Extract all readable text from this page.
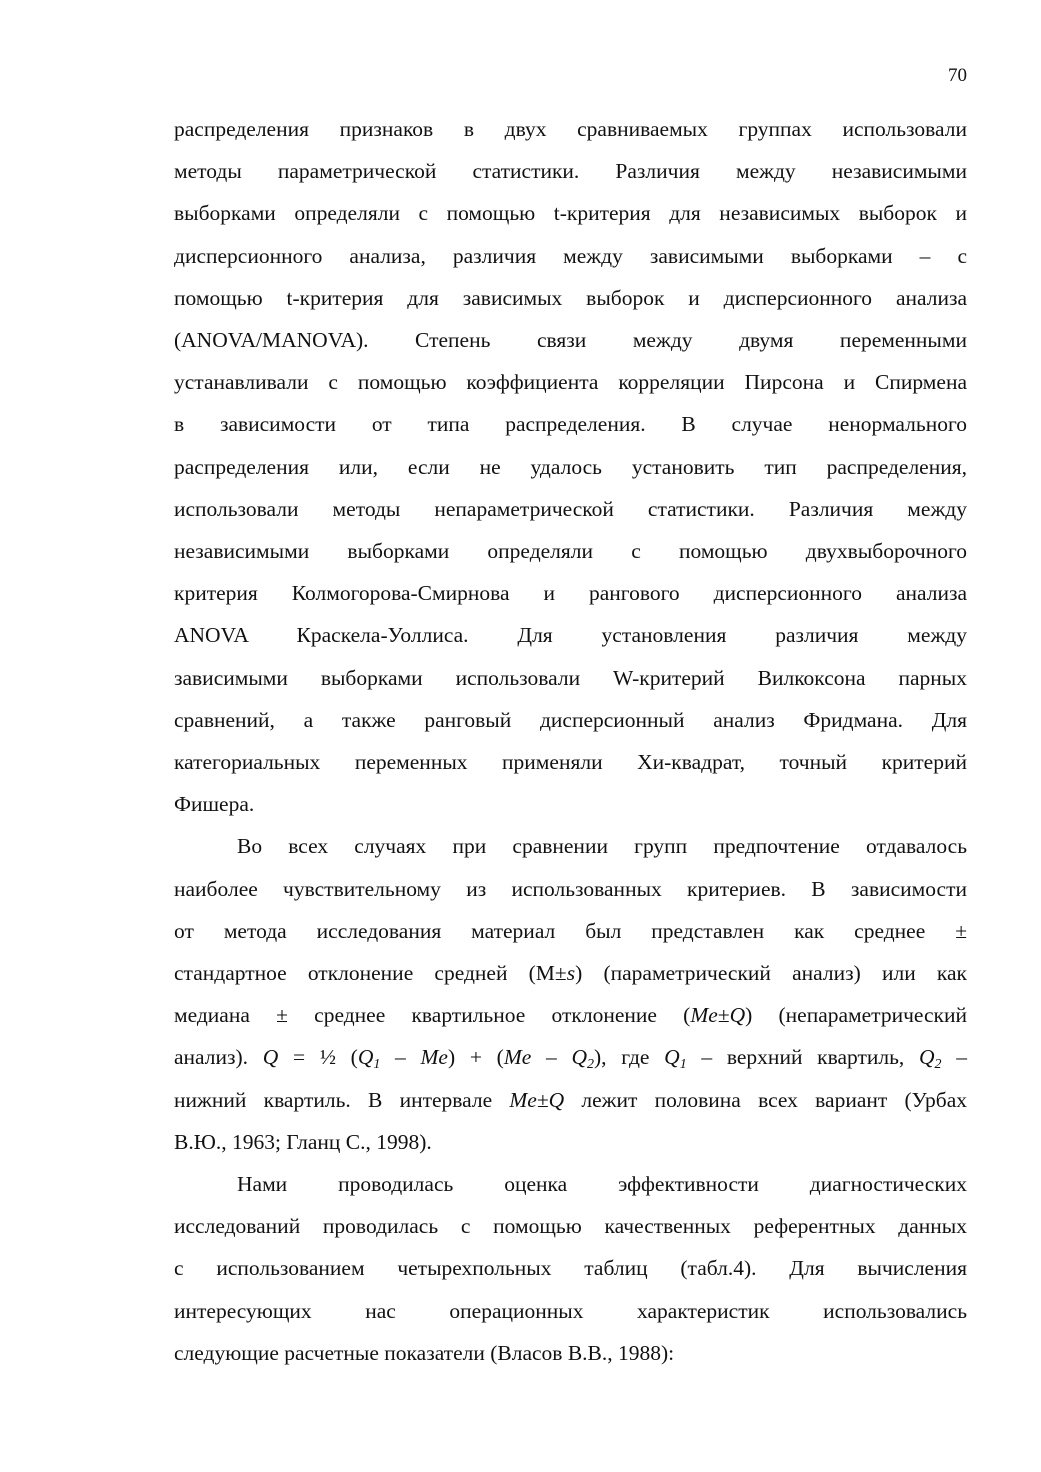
70

распределения признаков в двух сравниваемых группах использовали
методы параметрической статистики. Различия между независимыми
выборками определяли с помощью t-критерия для независимых выборок и
дисперсионного анализа, различия между зависимыми выборками – с
помощью t-критерия для зависимых выборок и дисперсионного анализа
(ANOVA/MANOVA). Степень связи между двумя переменными
устанавливали с помощью коэффициента корреляции Пирсона и Спирмена
в зависимости от типа распределения. В случае ненормального
распределения или, если не удалось установить тип распределения,
использовали методы непараметрической статистики. Различия между
независимыми выборками определяли с помощью двухвыборочного
критерия Колмогорова-Смирнова и рангового дисперсионного анализа
ANOVA Краскела-Уоллиса. Для установления различия между
зависимыми выборками использовали W-критерий Вилкоксона парных
сравнений, а также ранговый дисперсионный анализ Фридмана. Для
категориальных переменных применяли Хи-квадрат, точный критерий
Фишера.

Во всех случаях при сравнении групп предпочтение отдавалось
наиболее чувствительному из использованных критериев. В зависимости
от метода исследования материал был представлен как среднее ±
стандартное отклонение средней (M±s) (параметрический анализ) или как
медиана ± среднее квартильное отклонение (Me±Q) (непараметрический
анализ). Q = ½ $(Q_1 - Me) + (Me - Q_2)$, где $Q_1$ – верхний квартиль, $Q_2$ –
нижний квартиль. В интервале Me±Q лежит половина всех вариант (Урбах
В.Ю., 1963; Гланц С., 1998).

Нами проводилась оценка эффективности диагностических
исследований проводилась с помощью качественных референтных данных
с использованием четырехпольных таблиц (табл.4). Для вычисления
интересующих нас операционных характеристик использовались
следующие расчетные показатели (Власов В.В., 1988):
